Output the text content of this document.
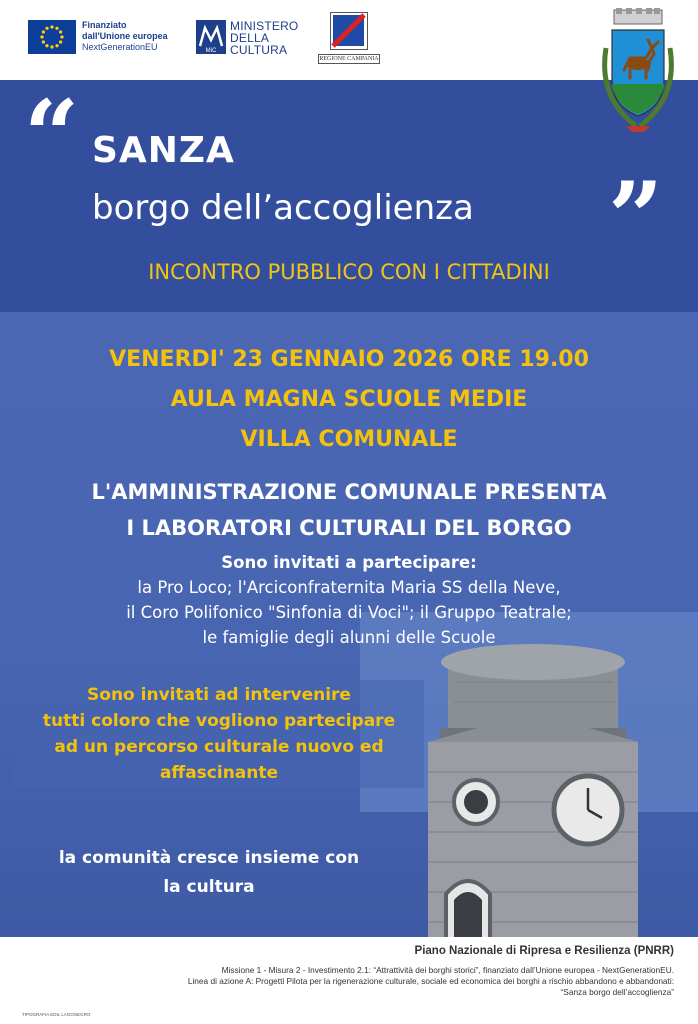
Finanziato
dall'Unione europea
NextGenerationEU	MiC
MINISTERO
DELLA
CULTURA
REGIONE CAMPANIA
“ SANZA
borgo dell’accoglienza ”
INCONTRO PUBBLICO CON I CITTADINI
VENERDI' 23 GENNAIO 2026 ORE 19.00
AULA MAGNA SCUOLE MEDIE
VILLA COMUNALE
L'AMMINISTRAZIONE COMUNALE PRESENTA
I LABORATORI CULTURALI DEL BORGO
Sono invitati a partecipare:
la Pro Loco; l'Arciconfraternita Maria SS della Neve,
il Coro Polifonico "Sinfonia di Voci"; il Gruppo Teatrale;
le famiglie degli alunni delle Scuole
Sono invitati ad intervenire
tutti coloro che vogliono partecipare
ad un percorso culturale nuovo ed
affascinante
la comunità cresce insieme con
la cultura
Piano Nazionale di Ripresa e Resilienza (PNRR)
Missione 1 - Misura 2 - Investimento 2.1: “Attrattività dei borghi storici”, finanziato dall’Unione europea - NextGenerationEU.
Linea di azione A: Progetti Pilota per la rigenerazione culturale, sociale ed economica dei borghi a rischio abbandono e abbandonati:
“Sanza borgo dell’accoglienza”
TIPOGRAFIA EDIL LAGONEGRO
